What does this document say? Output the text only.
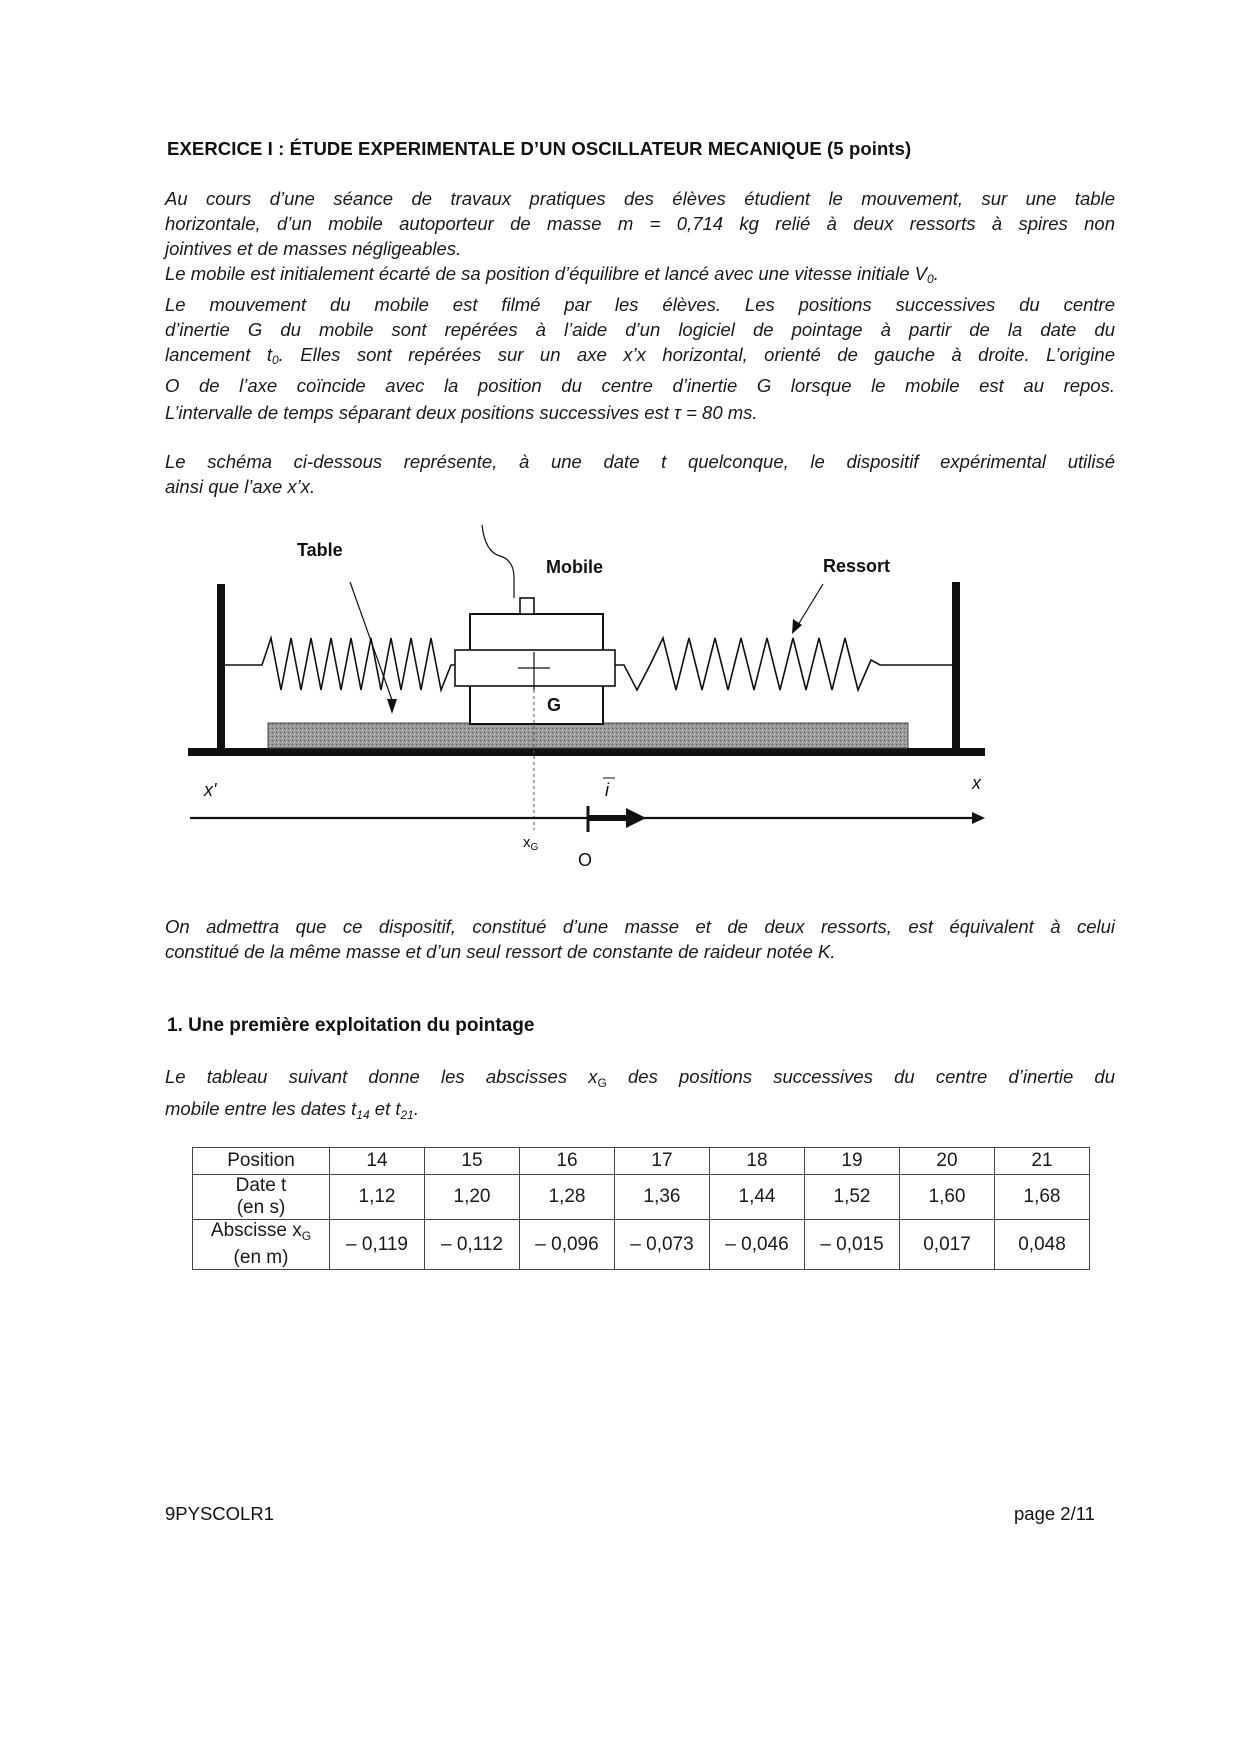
EXERCICE I : ÉTUDE EXPERIMENTALE D’UN OSCILLATEUR MECANIQUE (5 points)

Au cours d’une séance de travaux pratiques des élèves étudient le mouvement, sur une table

horizontale, d’un mobile autoporteur de masse m = 0,714 kg relié à deux ressorts à spires non

jointives et de masses négligeables.

Le mobile est initialement écarté de sa position d’équilibre et lancé avec une vitesse initiale V0.

Le mouvement du mobile est filmé par les élèves. Les positions successives du centre

d’inertie G du mobile sont repérées à l’aide d’un logiciel de pointage à partir de la date du

lancement t0. Elles sont repérées sur un axe x’x horizontal, orienté de gauche à droite. L’origine

O de l’axe coïncide avec la position du centre d’inertie G lorsque le mobile est au repos.

L’intervalle de temps séparant deux positions successives est τ = 80 ms.

Le schéma ci-dessous représente, à une date t quelconque, le dispositif expérimental utilisé

ainsi que l’axe x’x.

Table
Mobile	Ressort
G
x'	x
i
$x_G$
O

On admettra que ce dispositif, constitué d’une masse et de deux ressorts, est équivalent à celui

constitué de la même masse et d’un seul ressort de constante de raideur notée K.

1. Une première exploitation du pointage

Le tableau suivant donne les abscisses $x_G$ des positions successives du centre d’inertie du

mobile entre les dates $t_{14}$ et $t_{21}$.

Position	14	15	16	17	18	19	20	21
Date t
(en s)	1,12	1,20	1,28	1,36	1,44	1,52	1,60	1,68
Abscisse $x_G$
(en m)	– 0,119	– 0,112	– 0,096	– 0,073	– 0,046	– 0,015	0,017	0,048
9PYSCOLR1	page 2/11
